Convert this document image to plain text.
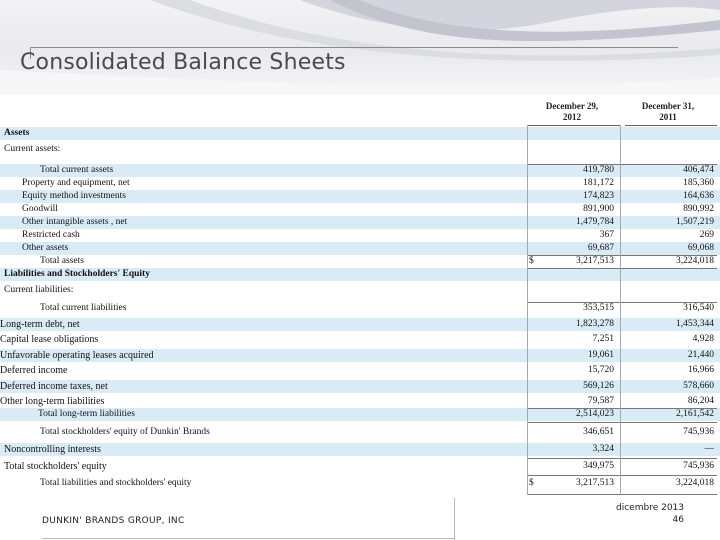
Consolidated Balance Sheets
December 29,
2012
December 31,
2011
Assets
Current assets:
Total current assets	419,780	406,474
Property and equipment, net	181,172	185,360
Equity method investments	174,823	164,636
Goodwill	891,900	890,992
Other intangible assets , net	1,479,784	1,507,219
Restricted cash	367	269
Other assets	69,687	69,068
Total assets	$	3,217,513	3,224,018
Liabilities and Stockholders' Equity
Current liabilities:
Total current liabilities	353,515	316,540
Long-term debt, net	1,823,278	1,453,344
Capital lease obligations	7,251	4,928
Unfavorable operating leases acquired	19,061	21,440
Deferred income	15,720	16,966
Deferred income taxes, net	569,126	578,660
Other long-term liabilities	79,587	86,204
Total long-term liabilities	2,514,023	2,161,542
Total stockholders' equity of Dunkin' Brands	346,651	745,936
Noncontrolling interests	3,324	—
Total stockholders' equity	349,975	745,936
Total liabilities and stockholders' equity	$	3,217,513	3,224,018
DUNKIN' BRANDS GROUP, INC
dicembre 2013
46
